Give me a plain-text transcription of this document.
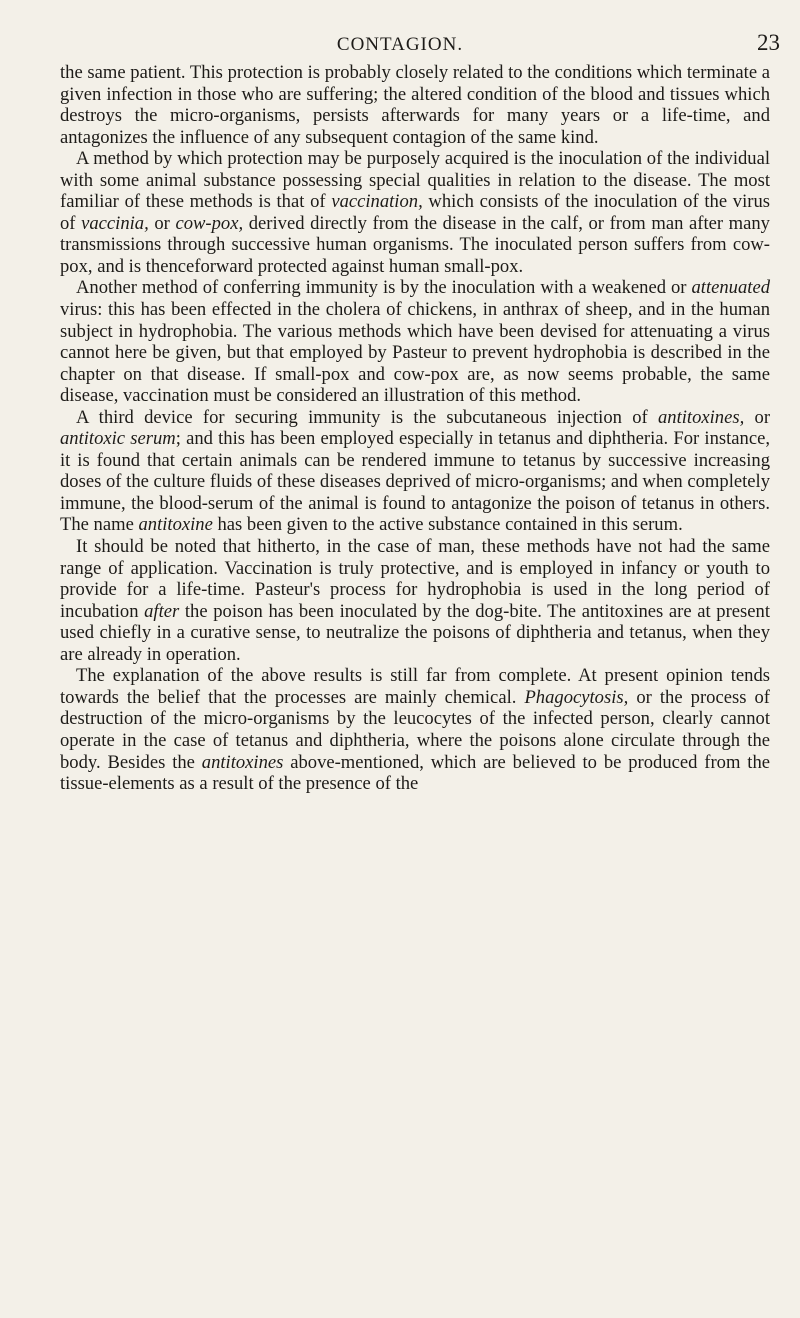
CONTAGION.	23

the same patient. This protection is probably closely related to the conditions which terminate a given infection in those who are suffering; the altered condition of the blood and tissues which destroys the micro-organisms, persists afterwards for many years or a life-time, and antagonizes the influence of any subsequent contagion of the same kind.

A method by which protection may be purposely acquired is the inoculation of the individual with some animal substance possessing special qualities in relation to the disease. The most familiar of these methods is that of vaccination, which consists of the inoculation of the virus of vaccinia, or cow-pox, derived directly from the disease in the calf, or from man after many transmissions through successive human organisms. The inoculated person suffers from cow-pox, and is thenceforward protected against human small-pox.

Another method of conferring immunity is by the inoculation with a weakened or attenuated virus: this has been effected in the cholera of chickens, in anthrax of sheep, and in the human subject in hydrophobia. The various methods which have been devised for attenuating a virus cannot here be given, but that employed by Pasteur to prevent hydrophobia is described in the chapter on that disease. If small-pox and cow-pox are, as now seems probable, the same disease, vaccination must be considered an illustration of this method.

A third device for securing immunity is the subcutaneous injection of antitoxines, or antitoxic serum; and this has been employed especially in tetanus and diphtheria. For instance, it is found that certain animals can be rendered immune to tetanus by successive increasing doses of the culture fluids of these diseases deprived of micro-organisms; and when completely immune, the blood-serum of the animal is found to antagonize the poison of tetanus in others. The name antitoxine has been given to the active substance contained in this serum.

It should be noted that hitherto, in the case of man, these methods have not had the same range of application. Vaccination is truly protective, and is employed in infancy or youth to provide for a life-time. Pasteur's process for hydrophobia is used in the long period of incubation after the poison has been inoculated by the dog-bite. The antitoxines are at present used chiefly in a curative sense, to neutralize the poisons of diphtheria and tetanus, when they are already in operation.

The explanation of the above results is still far from complete. At present opinion tends towards the belief that the processes are mainly chemical. Phagocytosis, or the process of destruction of the micro-organisms by the leucocytes of the infected person, clearly cannot operate in the case of tetanus and diphtheria, where the poisons alone circulate through the body. Besides the antitoxines above-mentioned, which are believed to be produced from the tissue-elements as a result of the presence of the
